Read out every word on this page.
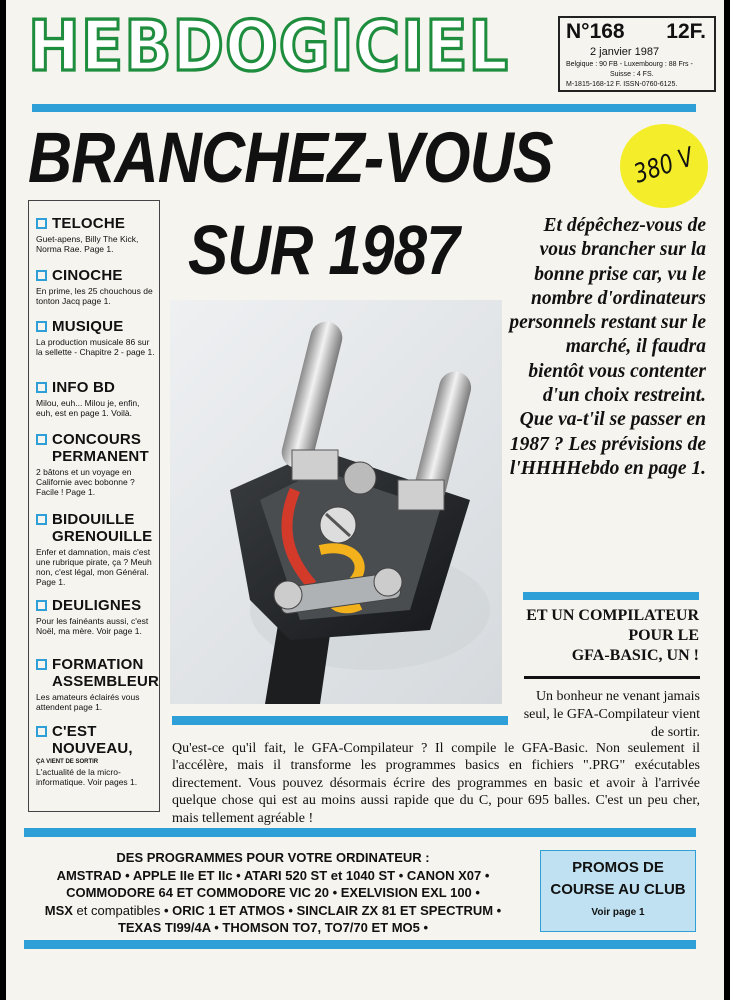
HEBDOGICIEL	N°168 12F.
2 janvier 1987
Belgique : 90 FB - Luxembourg : 88 Frs -
Suisse : 4 FS.
M-1815-168-12 F. ISSN-0760-6125.
BRANCHEZ-VOUS	380 V
SUR 1987
TELOCHE
Guet-apens, Billy The Kick, Norma Rae. Page 1.
CINOCHE
En prime, les 25 chouchous de tonton Jacq page 1.
MUSIQUE
La production musicale 86 sur la sellette - Chapitre 2 - page 1.
INFO BD
Milou, euh... Milou je, enfin, euh, est en page 1. Voilà.
CONCOURS PERMANENT
2 bâtons et un voyage en Californie avec bobonne ? Facile ! Page 1.
BIDOUILLE GRENOUILLE
Enfer et damnation, mais c'est une rubrique pirate, ça ? Meuh non, c'est légal, mon Général. Page 1.
DEULIGNES
Pour les fainéants aussi, c'est Noël, ma mère. Voir page 1.
FORMATION ASSEMBLEUR
Les amateurs éclairés vous attendent page 1.
C'EST NOUVEAU,
ÇA VIENT DE SORTIR
L'actualité de la micro-informatique. Voir pages 1.
Et dépêchez-vous de vous brancher sur la bonne prise car, vu le nombre d'ordinateurs personnels restant sur le marché, il faudra bientôt vous contenter d'un choix restreint. Que va-t'il se passer en 1987 ? Les prévisions de l'HHHHebdo en page 1.
ET UN COMPILATEUR
POUR LE
GFA-BASIC, UN !
Un bonheur ne venant jamais seul, le GFA-Compilateur vient de sortir.
Qu'est-ce qu'il fait, le GFA-Compilateur ? Il compile le GFA-Basic. Non seulement il l'accélère, mais il transforme les programmes basics en fichiers ".PRG" exécutables directement. Vous pouvez désormais écrire des programmes en basic et avoir à l'arrivée quelque chose qui est au moins aussi rapide que du C, pour 695 balles. C'est un peu cher, mais tellement agréable !
DES PROGRAMMES POUR VOTRE ORDINATEUR :
AMSTRAD • APPLE IIe ET IIc • ATARI 520 ST et 1040 ST • CANON X07 •
COMMODORE 64 ET COMMODORE VIC 20 • EXELVISION EXL 100 •
MSX et compatibles • ORIC 1 ET ATMOS • SINCLAIR ZX 81 ET SPECTRUM •
TEXAS TI99/4A • THOMSON TO7, TO7/70 ET MO5 •
PROMOS DE
COURSE AU CLUB
Voir page 1
